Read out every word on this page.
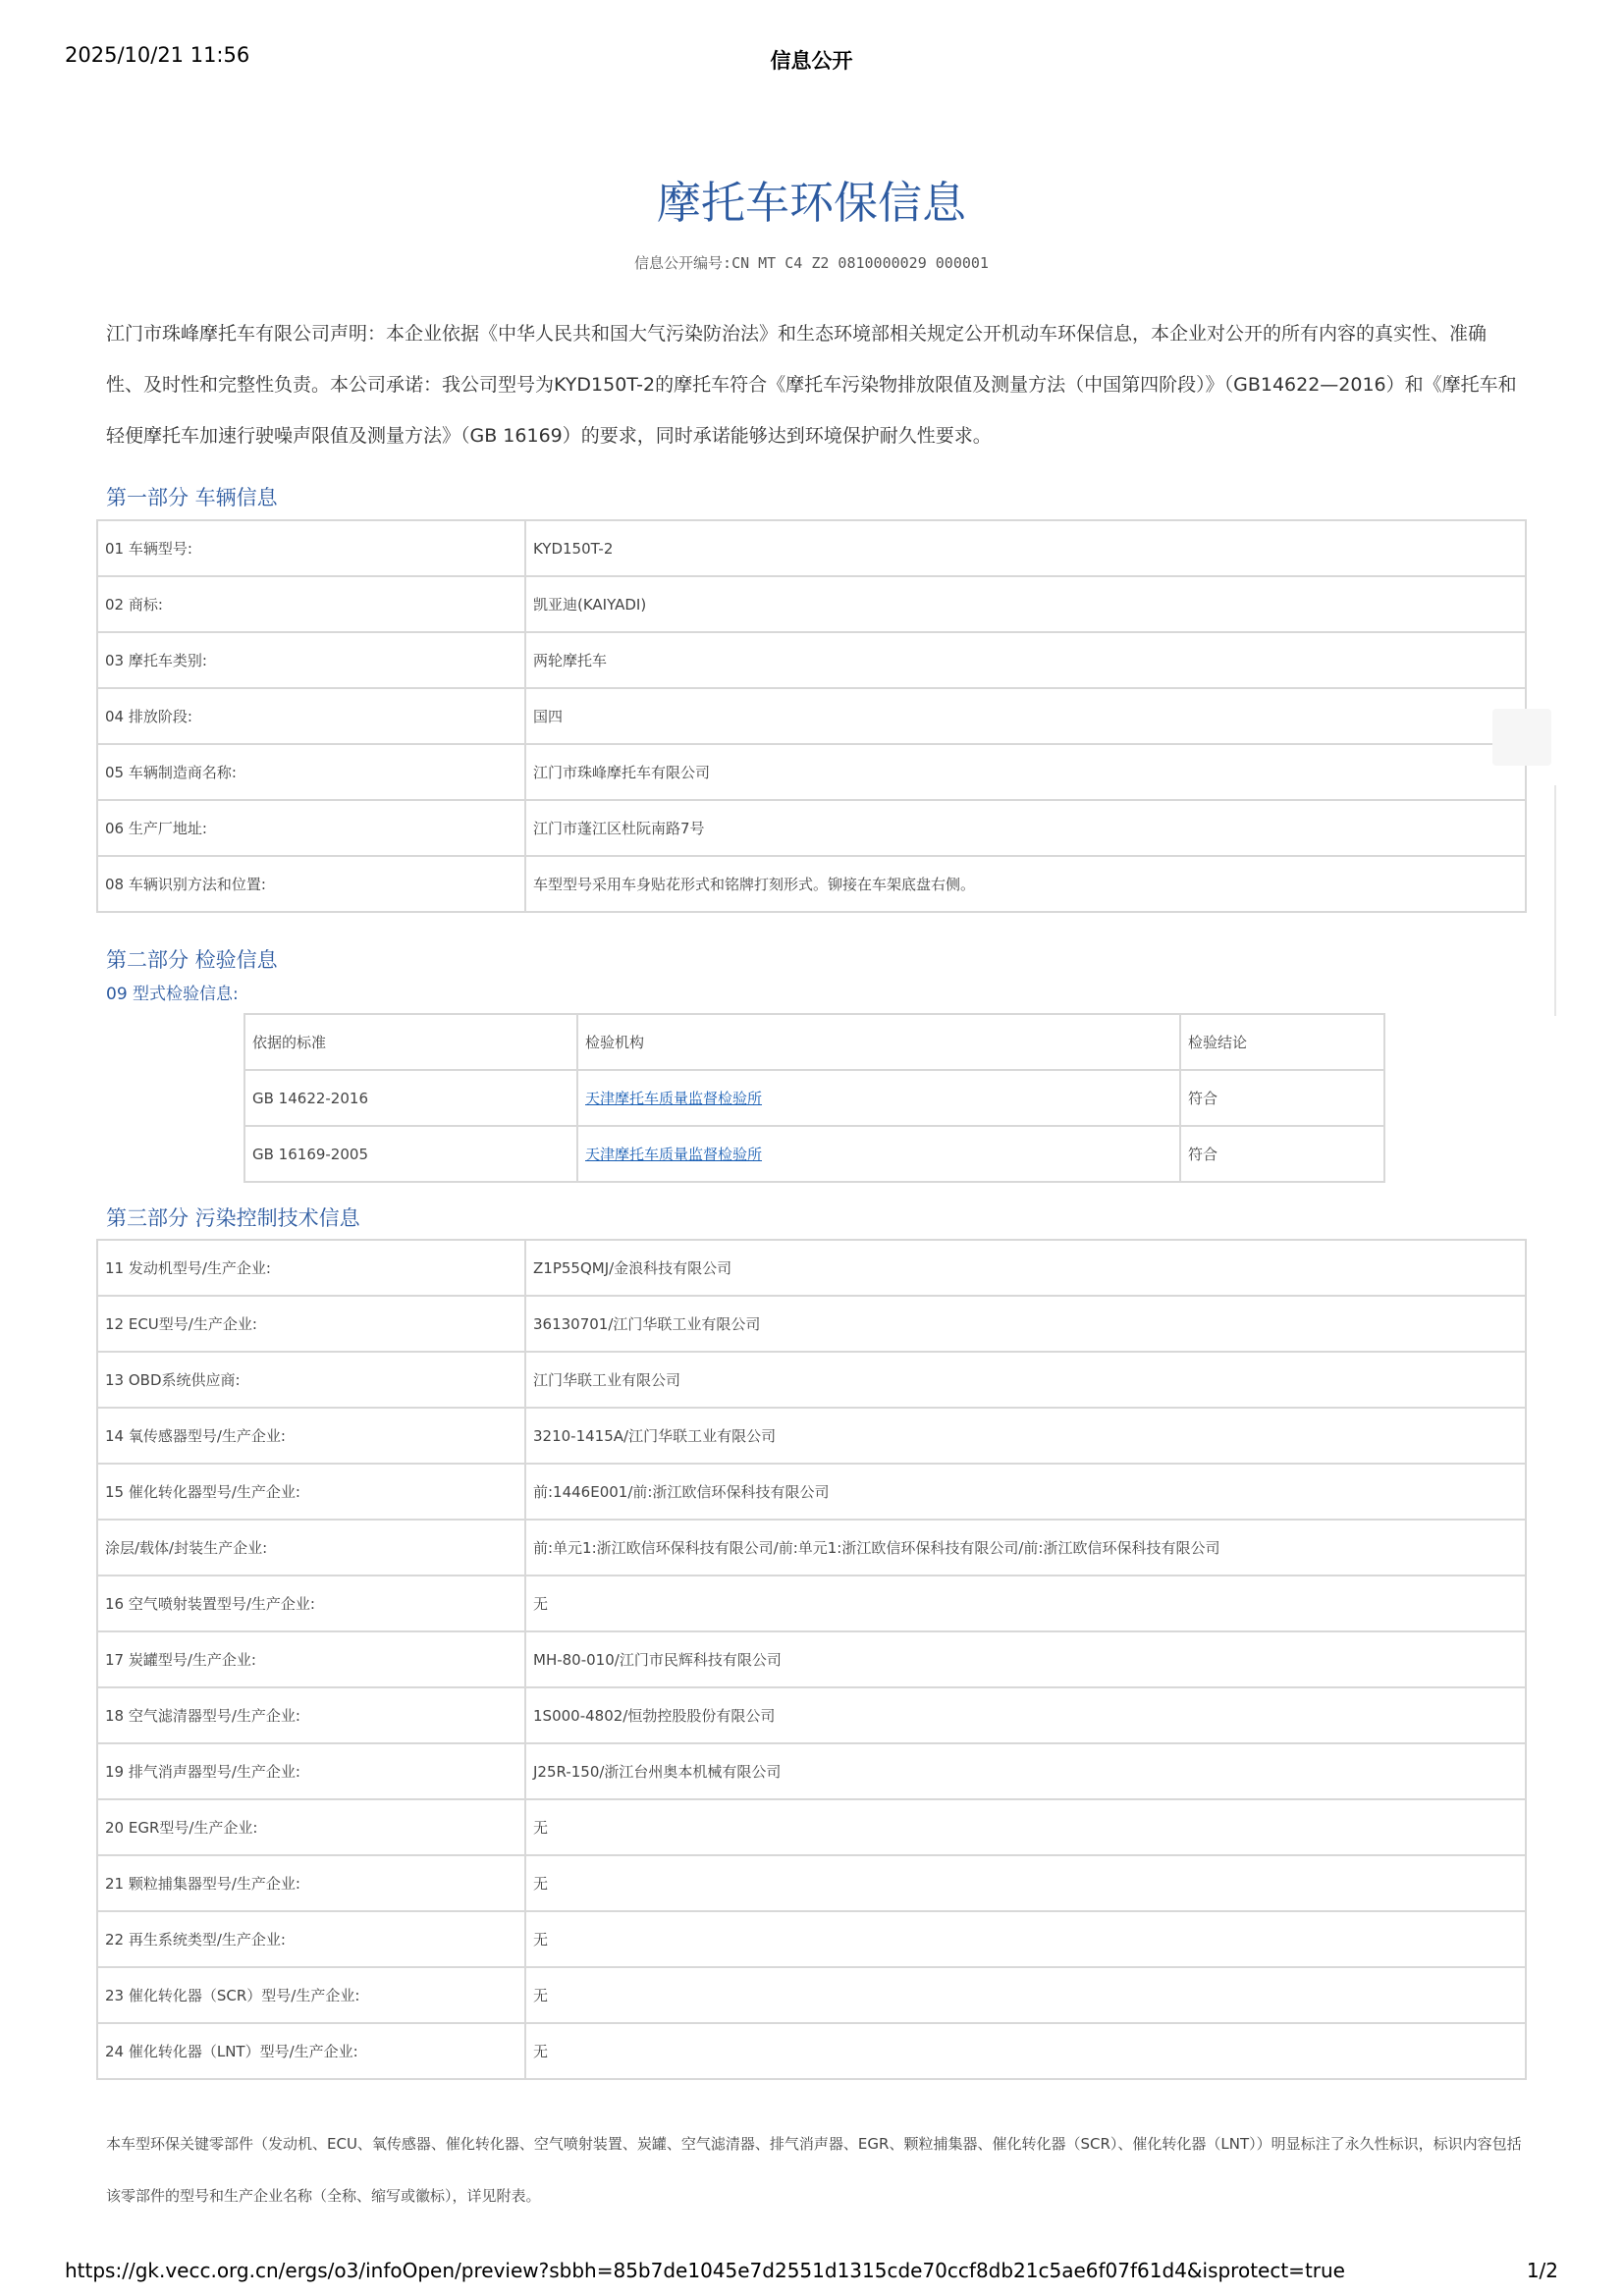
2025/10/21 11:56	信息公开
摩托车环保信息
信息公开编号:CN MT C4 Z2 0810000029 000001
江门市珠峰摩托车有限公司声明：本企业依据《中华人民共和国大气污染防治法》和生态环境部相关规定公开机动车环保信息，本企业对公开的所有内容的真实性、准确性、及时性和完整性负责。本公司承诺：我公司型号为KYD150T-2的摩托车符合《摩托车污染物排放限值及测量方法（中国第四阶段）》（GB14622—2016）和《摩托车和轻便摩托车加速行驶噪声限值及测量方法》（GB 16169）的要求，同时承诺能够达到环境保护耐久性要求。
第一部分 车辆信息
01 车辆型号:	KYD150T-2
02 商标:	凯亚迪(KAIYADI)
03 摩托车类别:	两轮摩托车
04 排放阶段:	国四
05 车辆制造商名称:	江门市珠峰摩托车有限公司
06 生产厂地址:	江门市蓬江区杜阮南路7号
08 车辆识别方法和位置:	车型型号采用车身贴花形式和铭牌打刻形式。铆接在车架底盘右侧。
第二部分 检验信息
09 型式检验信息:
依据的标准	检验机构	检验结论
GB 14622-2016	天津摩托车质量监督检验所	符合
GB 16169-2005	天津摩托车质量监督检验所	符合
第三部分 污染控制技术信息
11 发动机型号/生产企业:	Z1P55QMJ/金浪科技有限公司
12 ECU型号/生产企业:	36130701/江门华联工业有限公司
13 OBD系统供应商:	江门华联工业有限公司
14 氧传感器型号/生产企业:	3210-1415A/江门华联工业有限公司
15 催化转化器型号/生产企业:	前:1446E001/前:浙江欧信环保科技有限公司
涂层/载体/封装生产企业:	前:单元1:浙江欧信环保科技有限公司/前:单元1:浙江欧信环保科技有限公司/前:浙江欧信环保科技有限公司
16 空气喷射装置型号/生产企业:	无
17 炭罐型号/生产企业:	MH-80-010/江门市民辉科技有限公司
18 空气滤清器型号/生产企业:	1S000-4802/恒勃控股股份有限公司
19 排气消声器型号/生产企业:	J25R-150/浙江台州奥本机械有限公司
20 EGR型号/生产企业:	无
21 颗粒捕集器型号/生产企业:	无
22 再生系统类型/生产企业:	无
23 催化转化器（SCR）型号/生产企业:	无
24 催化转化器（LNT）型号/生产企业:	无
本车型环保关键零部件（发动机、ECU、氧传感器、催化转化器、空气喷射装置、炭罐、空气滤清器、排气消声器、EGR、颗粒捕集器、催化转化器（SCR）、催化转化器（LNT））明显标注了永久性标识，标识内容包括该零部件的型号和生产企业名称（全称、缩写或徽标），详见附表。
https://gk.vecc.org.cn/ergs/o3/infoOpen/preview?sbbh=85b7de1045e7d2551d1315cde70ccf8db21c5ae6f07f61d4&isprotect=true	1/2
